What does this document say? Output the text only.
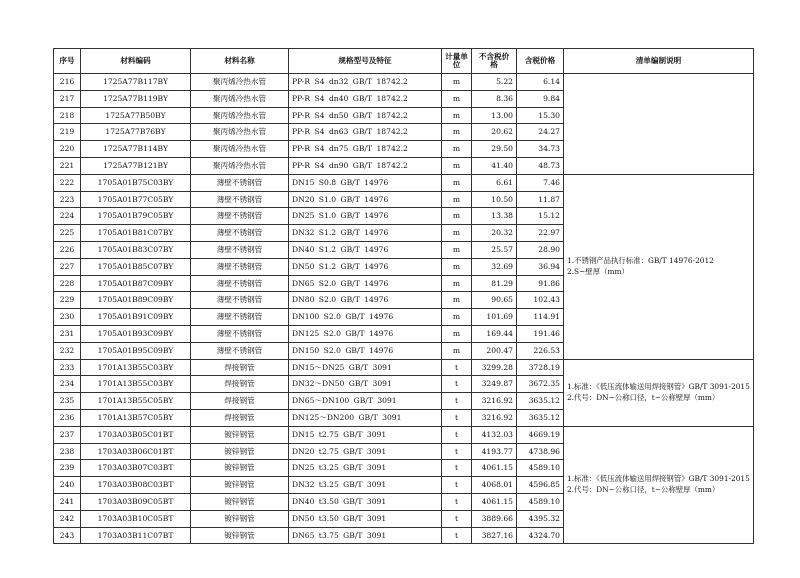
序号	材料编码	材料名称	规格型号及特征	计量单位	不含税价 格	含税价格	清单编制说明
216	1725A77B117BY	聚丙烯冷热水管	PP-R S4 dn32 GB/T 18742.2	m	5.22	6.14	
217	1725A77B119BY	聚丙烯冷热水管	PP-R S4 dn40 GB/T 18742.2	m	8.36	9.84	
218	1725A77B50BY	聚丙烯冷热水管	PP-R S4 dn50 GB/T 18742.2	m	13.00	15.30	
219	1725A77B76BY	聚丙烯冷热水管	PP-R S4 dn63 GB/T 18742.2	m	20.62	24.27	
220	1725A77B114BY	聚丙烯冷热水管	PP-R S4 dn75 GB/T 18742.2	m	29.50	34.73	
221	1725A77B121BY	聚丙烯冷热水管	PP-R S4 dn90 GB/T 18742.2	m	41.40	48.73	
222	1705A01B75C03BY	薄壁不锈钢管	DN15 S0.8 GB/T 14976	m	6.61	7.46	1.不锈钢产品执行标准：GB/T 14976-2012
2.S~壁厚（mm）

223	1705A01B77C05BY	薄壁不锈钢管	DN20 S1.0 GB/T 14976	m	10.50	11.87	
224	1705A01B79C05BY	薄壁不锈钢管	DN25 S1.0 GB/T 14976	m	13.38	15.12	
225	1705A01B81C07BY	薄壁不锈钢管	DN32 S1.2 GB/T 14976	m	20.32	22.97	
226	1705A01B83C07BY	薄壁不锈钢管	DN40 S1.2 GB/T 14976	m	25.57	28.90	
227	1705A01B85C07BY	薄壁不锈钢管	DN50 S1.2 GB/T 14976	m	32.69	36.94	
228	1705A01B87C09BY	薄壁不锈钢管	DN65 S2.0 GB/T 14976	m	81.29	91.86	
229	1705A01B89C09BY	薄壁不锈钢管	DN80 S2.0 GB/T 14976	m	90.65	102.43	
230	1705A01B91C09BY	薄壁不锈钢管	DN100 S2.0 GB/T 14976	m	101.69	114.91	
231	1705A01B93C09BY	薄壁不锈钢管	DN125 S2.0 GB/T 14976	m	169.44	191.46	
232	1705A01B95C09BY	薄壁不锈钢管	DN150 S2.0 GB/T 14976	m	200.47	226.53	
233	1701A13B55C03BY	焊接钢管	DN15～DN25 GB/T 3091	t	3299.28	3728.19	1.标准：《低压流体输送用焊接钢管》GB/T 3091-2015
2.代号：DN~公称口径，t~公称壁厚（mm）

234	1701A13B55C03BY	焊接钢管	DN32～DN50 GB/T 3091	t	3249.87	3672.35	
235	1701A13B55C05BY	焊接钢管	DN65～DN100 GB/T 3091	t	3216.92	3635.12	
236	1701A13B57C05BY	焊接钢管	DN125～DN200 GB/T 3091	t	3216.92	3635.12	
237	1703A03B05C01BT	镀锌钢管	DN15 t2.75 GB/T 3091	t	4132.03	4669.19	1.标准：《低压流体输送用焊接钢管》GB/T 3091-2015
2.代号：DN~公称口径，t~公称壁厚（mm）

238	1703A03B06C01BT	镀锌钢管	DN20 t2.75 GB/T 3091	t	4193.77	4738.96	
239	1703A03B07C03BT	镀锌钢管	DN25 t3.25 GB/T 3091	t	4061.15	4589.10	
240	1703A03B08C03BT	镀锌钢管	DN32 t3.25 GB/T 3091	t	4068.01	4596.85	
241	1703A03B09C05BT	镀锌钢管	DN40 t3.50 GB/T 3091	t	4061.15	4589.10	
242	1703A03B10C05BT	镀锌钢管	DN50 t3.50 GB/T 3091	t	3889.66	4395.32	
243	1703A03B11C07BT	镀锌钢管	DN65 t3.75 GB/T 3091	t	3827.16	4324.70	
